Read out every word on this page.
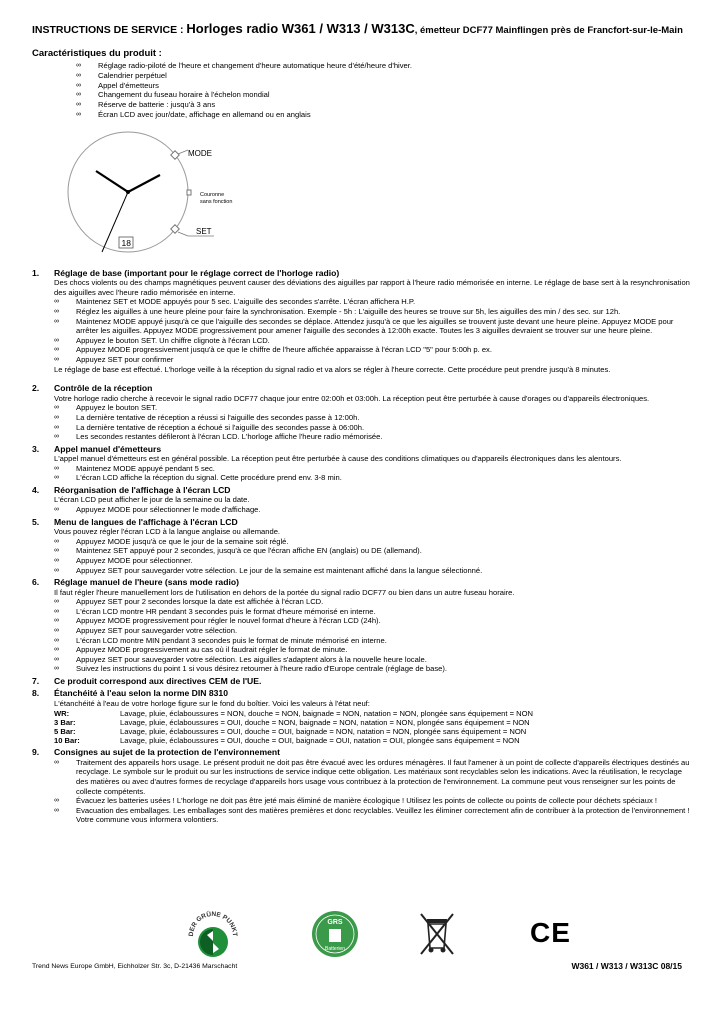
INSTRUCTIONS DE SERVICE : Horloges radio W361 / W313 / W313C, émetteur DCF77 Mainflingen près de Francfort-sur-le-Main
Caractéristiques du produit :
∞ Réglage radio-piloté de l'heure et changement d'heure automatique heure d'été/heure d'hiver.
∞ Calendrier perpétuel
∞ Appel d'émetteurs
∞ Changement du fuseau horaire à l'échelon mondial
∞ Réserve de batterie : jusqu'à 3 ans
∞ Écran LCD avec jour/date, affichage en allemand ou en anglais
MODE
Couronne
sans fonction
SET
18
1. Réglage de base (important pour le réglage correct de l'horloge radio)
Des chocs violents ou des champs magnétiques peuvent causer des déviations des aiguilles par rapport à l'heure radio mémorisée en interne. Le réglage de base sert à la resynchronisation des aiguilles avec l'heure radio mémorisée en interne.
∞ Maintenez SET et MODE appuyés pour 5 sec. L'aiguille des secondes s'arrête. L'écran affichera H.P.
∞ Réglez les aiguilles à une heure pleine pour faire la synchronisation. Exemple - 5h : L'aiguille des heures se trouve sur 5h, les aiguilles des min / des sec. sur 12h.
∞ Maintenez MODE appuyé jusqu'à ce que l'aiguille des secondes se déplace. Attendez jusqu'à ce que les aiguilles se trouvent juste devant une heure pleine. Appuyez MODE pour arrêter les aiguilles. Appuyez MODE progressivement pour amener l'aiguille des secondes à 12:00h exacte. Toutes les 3 aiguilles devraient se trouver sur une heure pleine.
∞ Appuyez le bouton SET. Un chiffre clignote à l'écran LCD.
∞ Appuyez MODE progressivement jusqu'à ce que le chiffre de l'heure affichée apparaisse à l'écran LCD "5" pour 5:00h p. ex.
∞ Appuyez SET pour confirmer
Le réglage de base est effectué. L'horloge veille à la réception du signal radio et va alors se régler à l'heure correcte. Cette procédure peut prendre jusqu'à 8 minutes.
2. Contrôle de la réception
Votre horloge radio cherche à recevoir le signal radio DCF77 chaque jour entre 02:00h et 03:00h. La réception peut être perturbée à cause d'orages ou d'appareils électroniques.
∞ Appuyez le bouton SET.
∞ La dernière tentative de réception a réussi si l'aiguille des secondes passe à 12:00h.
∞ La dernière tentative de réception a échoué si l'aiguille des secondes passe à 06:00h.
∞ Les secondes restantes défileront à l'écran LCD. L'horloge affiche l'heure radio mémorisée.
3. Appel manuel d'émetteurs
L'appel manuel d'émetteurs est en général possible. La réception peut être perturbée à cause des conditions climatiques ou d'appareils électroniques dans les alentours.
∞ Maintenez MODE appuyé pendant 5 sec.
∞ L'écran LCD affiche la réception du signal. Cette procédure prend env. 3-8 min.
4. Réorganisation de l'affichage à l'écran LCD
L'écran LCD peut afficher le jour de la semaine ou la date.
∞ Appuyez MODE pour sélectionner le mode d'affichage.
5. Menu de langues de l'affichage à l'écran LCD
Vous pouvez régler l'écran LCD à la langue anglaise ou allemande.
∞ Appuyez MODE jusqu'à ce que le jour de la semaine soit réglé.
∞ Maintenez SET appuyé pour 2 secondes, jusqu'à ce que l'écran affiche EN (anglais) ou DE (allemand).
∞ Appuyez MODE pour sélectionner.
∞ Appuyez SET pour sauvegarder votre sélection. Le jour de la semaine est maintenant affiché dans la langue sélectionné.
6. Réglage manuel de l'heure (sans mode radio)
Il faut régler l'heure manuellement lors de l'utilisation en dehors de la portée du signal radio DCF77 ou bien dans un autre fuseau horaire.
∞ Appuyez SET pour 2 secondes lorsque la date est affichée à l'écran LCD.
∞ L'écran LCD montre HR pendant 3 secondes puis le format d'heure mémorisé en interne.
∞ Appuyez MODE progressivement pour régler le nouvel format d'heure à l'écran LCD (24h).
∞ Appuyez SET pour sauvegarder votre sélection.
∞ L'écran LCD montre MIN pendant 3 secondes puis le format de minute mémorisé en interne.
∞ Appuyez MODE progressivement au cas où il faudrait régler le format de minute.
∞ Appuyez SET pour sauvegarder votre sélection. Les aiguilles s'adaptent alors à la nouvelle heure locale.
∞ Suivez les instructions du point 1 si vous désirez retourner à l'heure radio d'Europe centrale (réglage de base).
7. Ce produit correspond aux directives CEM de l'UE.
8. Étanchéité à l'eau selon la norme DIN 8310
L'étanchéité à l'eau de votre horloge figure sur le fond du boîtier. Voici les valeurs à l'état neuf:
WR:	Lavage, pluie, éclaboussures = NON, douche = NON, baignade = NON, natation = NON, plongée sans équipement = NON
3 Bar:	Lavage, pluie, éclaboussures = OUI, douche = NON, baignade = NON, natation = NON, plongée sans équipement = NON
5 Bar:	Lavage, pluie, éclaboussures = OUI, douche = OUI, baignade = NON, natation = NON, plongée sans équipement = NON
10 Bar:	Lavage, pluie, éclaboussures = OUI, douche = OUI, baignade = OUI, natation = OUI, plongée sans équipement = NON
9. Consignes au sujet de la protection de l'environnement
∞ Traitement des appareils hors usage. Le présent produit ne doit pas être évacué avec les ordures ménagères. Il faut l'amener à un point de collecte d'appareils électriques destinés au recyclage. Le symbole sur le produit ou sur les instructions de service indique cette obligation. Les matériaux sont recyclables selon les indications. Avec la réutilisation, le recyclage des matières ou avec d'autres formes de recyclage d'appareils hors usage vous contribuez à la protection de l'environnement. La commune peut vous renseigner sur les points de collecte compétents.
∞ Évacuez les batteries usées ! L'horloge ne doit pas être jeté mais éliminé de manière écologique ! Utilisez les points de collecte ou points de collecte pour déchets spéciaux !
∞ Evacuation des emballages. Les emballages sont des matières premières et donc recyclables. Veuillez les éliminer correctement afin de contribuer à la protection de l'environnement ! Votre commune vous informera volontiers.
DER GRÜNE PUNKT
GRS
Batterien
CE
Trend News Europe GmbH, Eichholzer Str. 3c, D-21436 Marschacht	W361 / W313 / W313C 08/15
